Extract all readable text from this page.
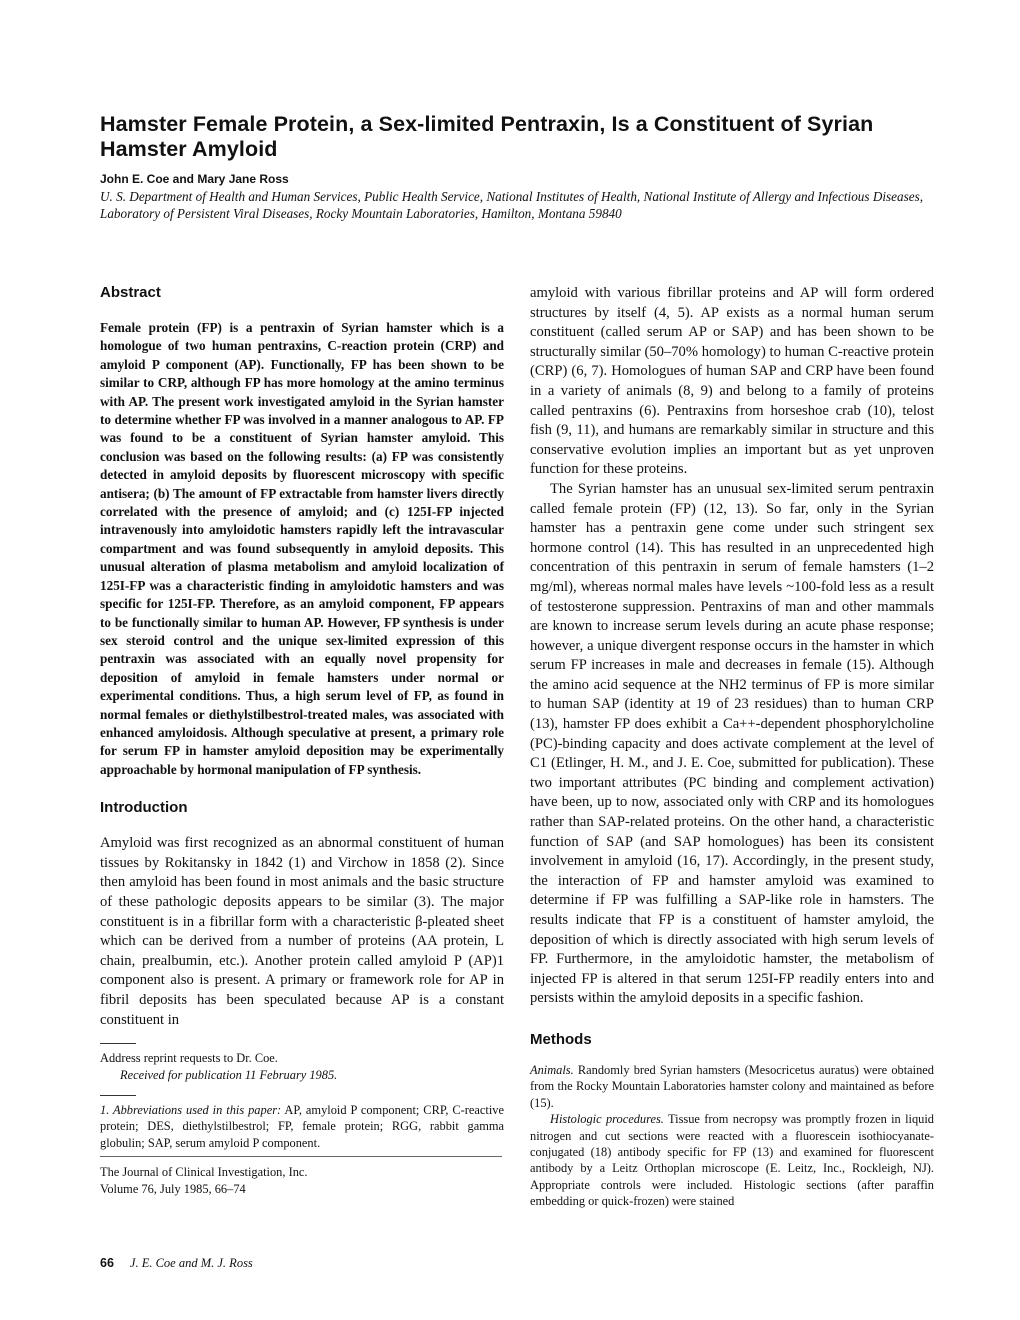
Hamster Female Protein, a Sex-limited Pentraxin, Is a Constituent of Syrian Hamster Amyloid

John E. Coe and Mary Jane Ross

U. S. Department of Health and Human Services, Public Health Service, National Institutes of Health, National Institute of Allergy and Infectious Diseases, Laboratory of Persistent Viral Diseases, Rocky Mountain Laboratories, Hamilton, Montana 59840

Abstract

Female protein (FP) is a pentraxin of Syrian hamster which is a homologue of two human pentraxins, C-reaction protein (CRP) and amyloid P component (AP). Functionally, FP has been shown to be similar to CRP, although FP has more homology at the amino terminus with AP. The present work investigated amyloid in the Syrian hamster to determine whether FP was involved in a manner analogous to AP. FP was found to be a constituent of Syrian hamster amyloid. This conclusion was based on the following results: (a) FP was consistently detected in amyloid deposits by fluorescent microscopy with specific antisera; (b) The amount of FP extractable from hamster livers directly correlated with the presence of amyloid; and (c) 125I-FP injected intravenously into amyloidotic hamsters rapidly left the intravascular compartment and was found subsequently in amyloid deposits. This unusual alteration of plasma metabolism and amyloid localization of 125I-FP was a characteristic finding in amyloidotic hamsters and was specific for 125I-FP. Therefore, as an amyloid component, FP appears to be functionally similar to human AP. However, FP synthesis is under sex steroid control and the unique sex-limited expression of this pentraxin was associated with an equally novel propensity for deposition of amyloid in female hamsters under normal or experimental conditions. Thus, a high serum level of FP, as found in normal females or diethylstilbestrol-treated males, was associated with enhanced amyloidosis. Although speculative at present, a primary role for serum FP in hamster amyloid deposition may be experimentally approachable by hormonal manipulation of FP synthesis.

Introduction

Amyloid was first recognized as an abnormal constituent of human tissues by Rokitansky in 1842 (1) and Virchow in 1858 (2). Since then amyloid has been found in most animals and the basic structure of these pathologic deposits appears to be similar (3). The major constituent is in a fibrillar form with a characteristic β-pleated sheet which can be derived from a number of proteins (AA protein, L chain, prealbumin, etc.). Another protein called amyloid P (AP)1 component also is present. A primary or framework role for AP in fibril deposits has been speculated because AP is a constant constituent in

Address reprint requests to Dr. Coe.

Received for publication 11 February 1985.

1. Abbreviations used in this paper: AP, amyloid P component; CRP, C-reactive protein; DES, diethylstilbestrol; FP, female protein; RGG, rabbit gamma globulin; SAP, serum amyloid P component.

The Journal of Clinical Investigation, Inc.

Volume 76, July 1985, 66–74

amyloid with various fibrillar proteins and AP will form ordered structures by itself (4, 5). AP exists as a normal human serum constituent (called serum AP or SAP) and has been shown to be structurally similar (50–70% homology) to human C-reactive protein (CRP) (6, 7). Homologues of human SAP and CRP have been found in a variety of animals (8, 9) and belong to a family of proteins called pentraxins (6). Pentraxins from horseshoe crab (10), telost fish (9, 11), and humans are remarkably similar in structure and this conservative evolution implies an important but as yet unproven function for these proteins.

The Syrian hamster has an unusual sex-limited serum pentraxin called female protein (FP) (12, 13). So far, only in the Syrian hamster has a pentraxin gene come under such stringent sex hormone control (14). This has resulted in an unprecedented high concentration of this pentraxin in serum of female hamsters (1–2 mg/ml), whereas normal males have levels ~100-fold less as a result of testosterone suppression. Pentraxins of man and other mammals are known to increase serum levels during an acute phase response; however, a unique divergent response occurs in the hamster in which serum FP increases in male and decreases in female (15). Although the amino acid sequence at the NH2 terminus of FP is more similar to human SAP (identity at 19 of 23 residues) than to human CRP (13), hamster FP does exhibit a Ca++-dependent phosphorylcholine (PC)-binding capacity and does activate complement at the level of C1 (Etlinger, H. M., and J. E. Coe, submitted for publication). These two important attributes (PC binding and complement activation) have been, up to now, associated only with CRP and its homologues rather than SAP-related proteins. On the other hand, a characteristic function of SAP (and SAP homologues) has been its consistent involvement in amyloid (16, 17). Accordingly, in the present study, the interaction of FP and hamster amyloid was examined to determine if FP was fulfilling a SAP-like role in hamsters. The results indicate that FP is a constituent of hamster amyloid, the deposition of which is directly associated with high serum levels of FP. Furthermore, in the amyloidotic hamster, the metabolism of injected FP is altered in that serum 125I-FP readily enters into and persists within the amyloid deposits in a specific fashion.

Methods

Animals. Randomly bred Syrian hamsters (Mesocricetus auratus) were obtained from the Rocky Mountain Laboratories hamster colony and maintained as before (15).

Histologic procedures. Tissue from necropsy was promptly frozen in liquid nitrogen and cut sections were reacted with a fluorescein isothiocyanate-conjugated (18) antibody specific for FP (13) and examined for fluorescent antibody by a Leitz Orthoplan microscope (E. Leitz, Inc., Rockleigh, NJ). Appropriate controls were included. Histologic sections (after paraffin embedding or quick-frozen) were stained

66 J. E. Coe and M. J. Ross
